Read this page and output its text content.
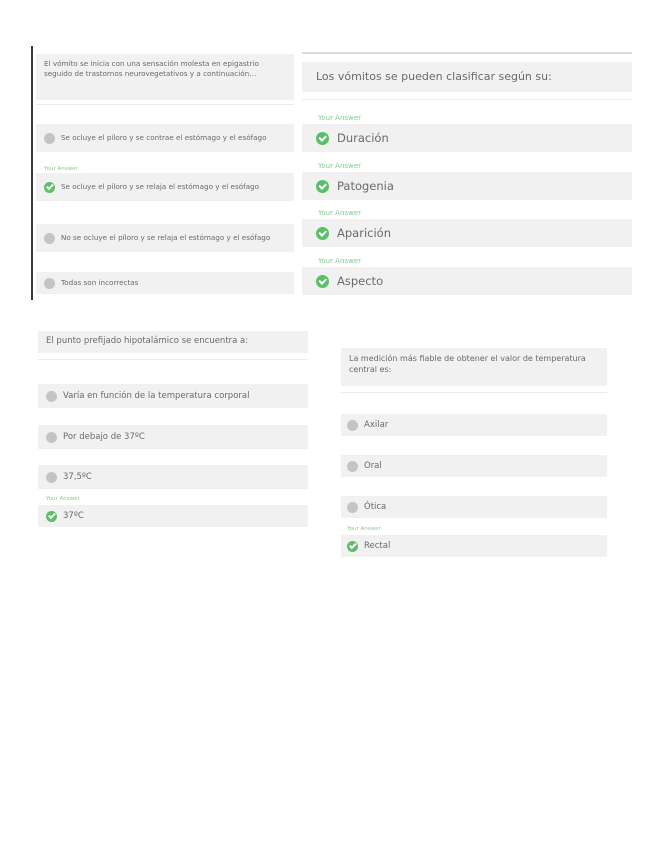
El vómito se inicia con una sensación molesta en epigastrio seguido de trastornos neurovegetativos y a continuación…
Se ocluye el píloro y se contrae el estómago y el esófago
Your Answer
Se ocluye el píloro y se relaja el estómago y el esófago
No se ocluye el píloro y se relaja el estómago y el esófago
Todas son incorrectas
Los vómitos se pueden clasificar según su:
Your Answer
Duración
Your Answer
Patogenia
Your Answer
Aparición
Your Answer
Aspecto
El punto prefijado hipotalámico se encuentra a:
Varía en función de la temperatura corporal
Por debajo de 37ºC
37,5ºC
Your Answer
37ºC
La medición más fiable de obtener el valor de temperatura central es:
Axilar
Oral
Ótica
Your Answer
Rectal
